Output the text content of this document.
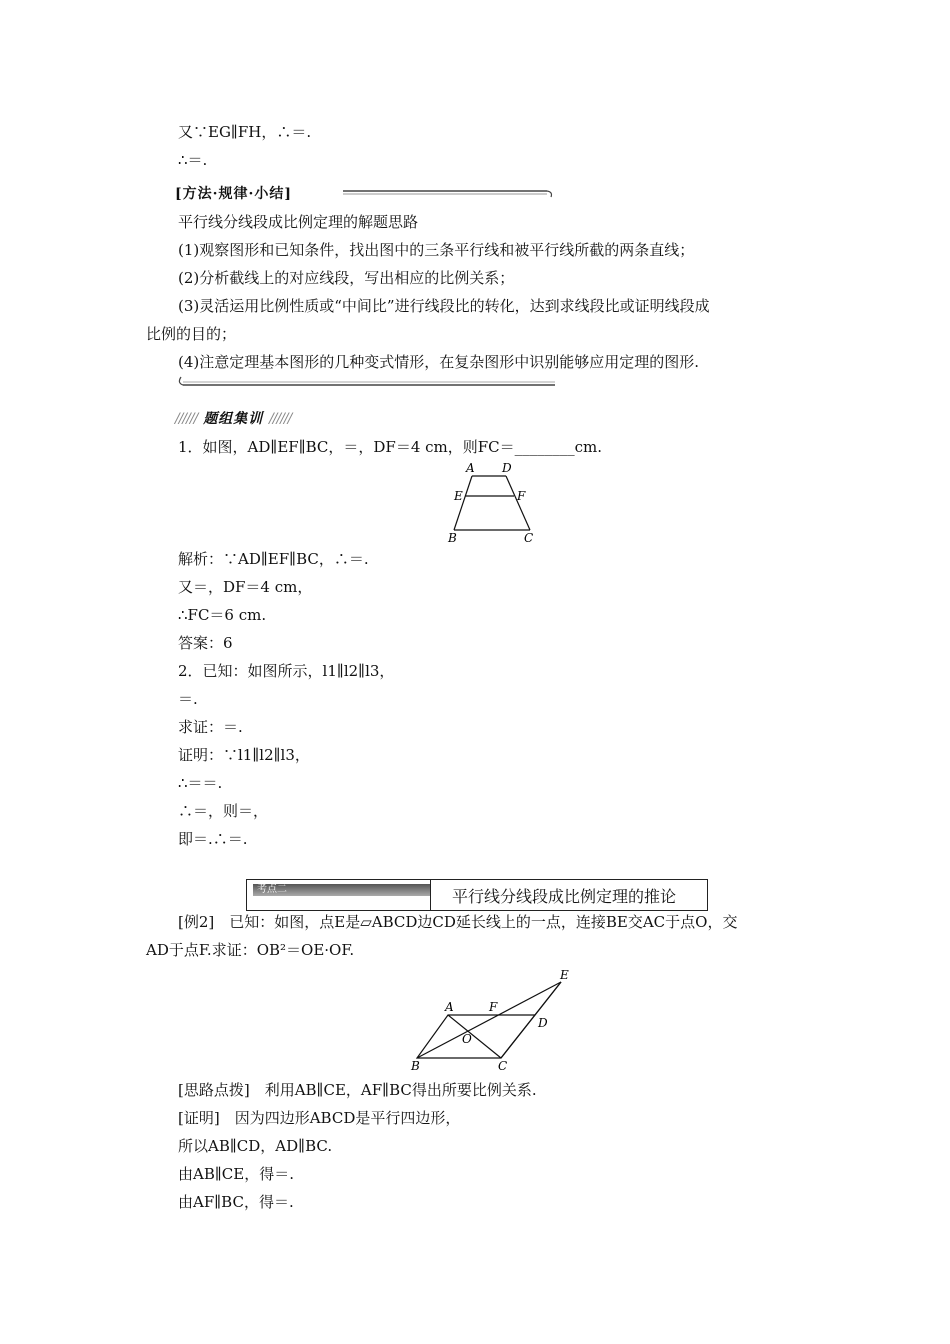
又∵EG∥FH，∴＝.
∴＝.
[方法·规律·小结]
平行线分线段成比例定理的解题思路
(1)观察图形和已知条件，找出图中的三条平行线和被平行线所截的两条直线；
(2)分析截线上的对应线段，写出相应的比例关系；
(3)灵活运用比例性质或“中间比”进行线段比的转化，达到求线段比或证明线段成
比例的目的；
(4)注意定理基本图形的几种变式情形，在复杂图形中识别能够应用定理的图形.
////// 题组集训 //////
1．如图，AD∥EF∥BC，＝，DF＝4 cm，则FC＝________cm.
A D
E	F
B	C
解析：∵AD∥EF∥BC，∴＝.
又＝，DF＝4 cm，
∴FC＝6 cm.
答案：6
2．已知：如图所示，l1∥l2∥l3，
＝.
求证：＝.
证明：∵l1∥l2∥l3，
∴＝＝.
∴＝，则＝，
即＝.∴＝.
考点二	平行线分线段成比例定理的推论
[例2]　已知：如图，点E是▱ABCD边CD延长线上的一点，连接BE交AC于点O，交
AD于点F.求证：OB²＝OE·OF.
E
A	F
D
O
B	C
[思路点拨]　利用AB∥CE，AF∥BC得出所要比例关系.
[证明]　因为四边形ABCD是平行四边形，
所以AB∥CD，AD∥BC.
由AB∥CE，得＝.
由AF∥BC，得＝.
